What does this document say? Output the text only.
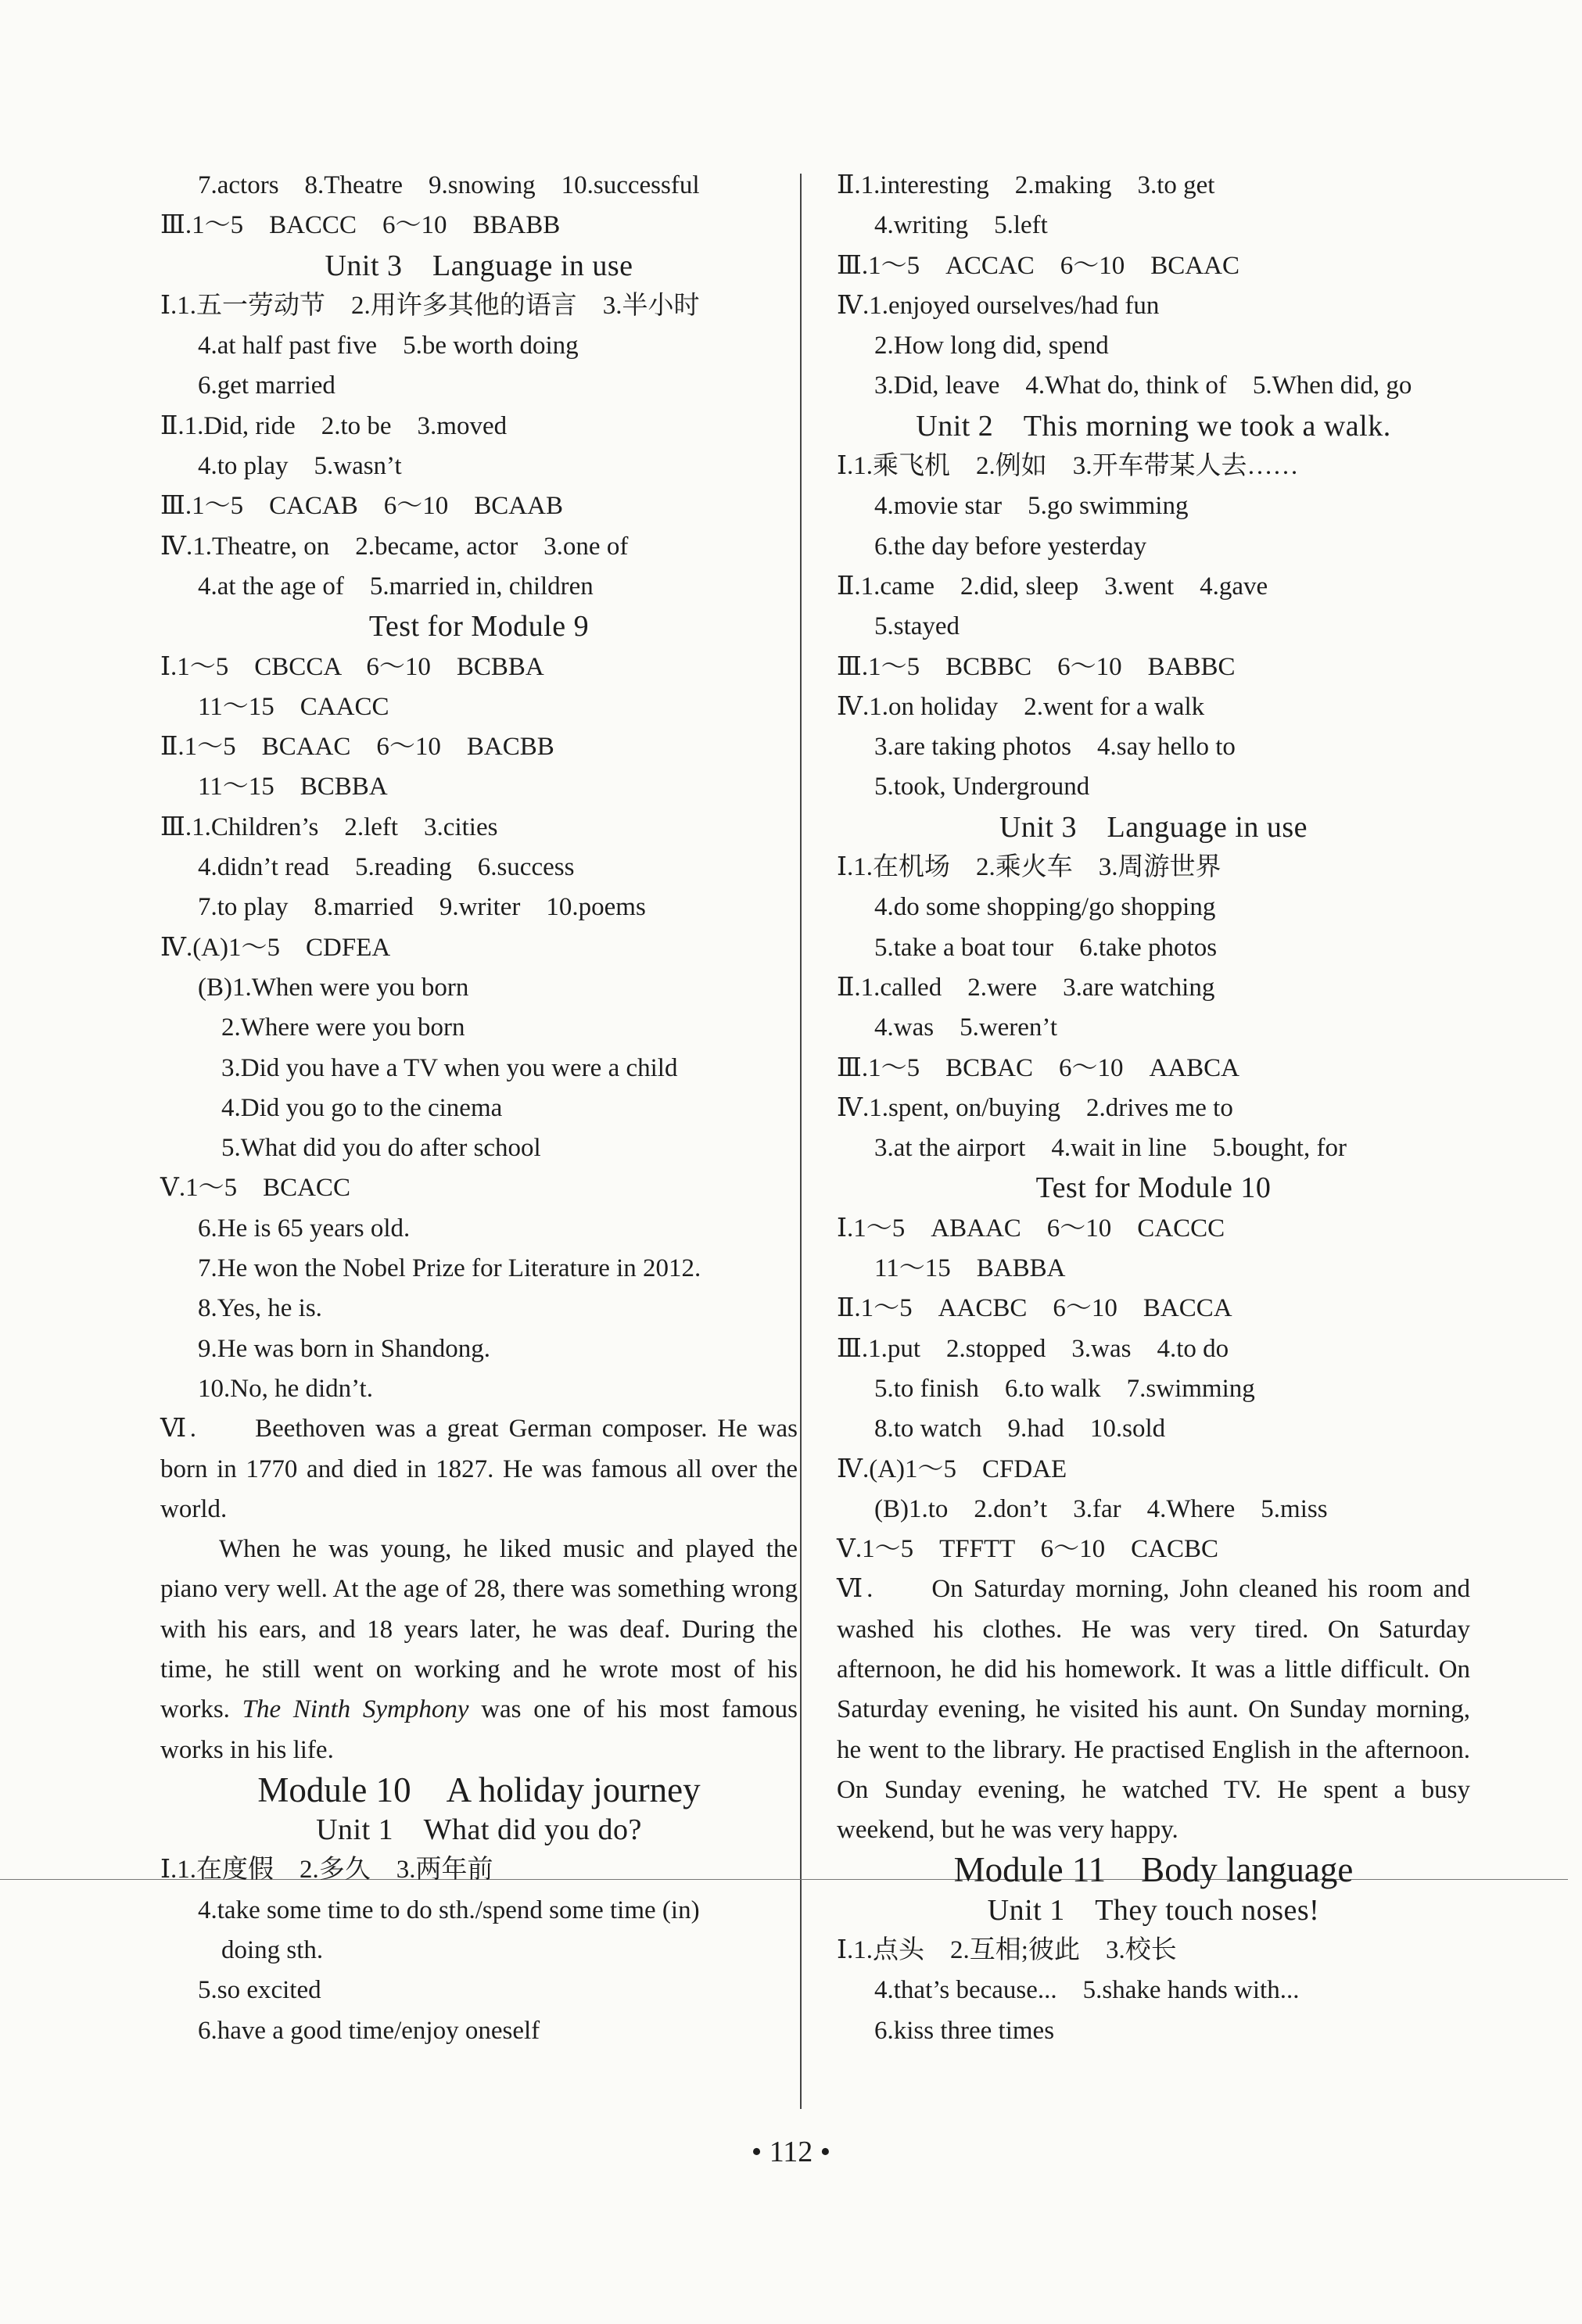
7.actors　8.Theatre　9.snowing　10.successful
Ⅲ.1～5　BACCC　6～10　BBABB
Unit 3　Language in use
Ⅰ.1.五一劳动节　2.用许多其他的语言　3.半小时
4.at half past five　5.be worth doing
6.get married
Ⅱ.1.Did, ride　2.to be　3.moved
4.to play　5.wasn’t
Ⅲ.1～5　CACAB　6～10　BCAAB
Ⅳ.1.Theatre, on　2.became, actor　3.one of
4.at the age of　5.married in, children
Test for Module 9
Ⅰ.1～5　CBCCA　6～10　BCBBA
11～15　CAACC
Ⅱ.1～5　BCAAC　6～10　BACBB
11～15　BCBBA
Ⅲ.1.Children’s　2.left　3.cities
4.didn’t read　5.reading　6.success
7.to play　8.married　9.writer　10.poems
Ⅳ.(A)1～5　CDFEA
(B)1.When were you born
2.Where were you born
3.Did you have a TV when you were a child
4.Did you go to the cinema
5.What did you do after school
Ⅴ.1～5　BCACC
6.He is 65 years old.
7.He won the Nobel Prize for Literature in 2012.
8.Yes, he is.
9.He was born in Shandong.
10.No, he didn’t.
Ⅵ. Beethoven was a great German composer. He was born in 1770 and died in 1827. He was famous all over the world.
When he was young, he liked music and played the piano very well. At the age of 28, there was something wrong with his ears, and 18 years later, he was deaf. During the time, he still went on working and he wrote most of his works. The Ninth Symphony was one of his most famous works in his life.
Module 10　A holiday journey
Unit 1　What did you do?
Ⅰ.1.在度假　2.多久　3.两年前
4.take some time to do sth./spend some time (in)
doing sth.
5.so excited
6.have a good time/enjoy oneself
Ⅱ.1.interesting　2.making　3.to get
4.writing　5.left
Ⅲ.1～5　ACCAC　6～10　BCAAC
Ⅳ.1.enjoyed ourselves/had fun
2.How long did, spend
3.Did, leave　4.What do, think of　5.When did, go
Unit 2　This morning we took a walk.
Ⅰ.1.乘飞机　2.例如　3.开车带某人去……
4.movie star　5.go swimming
6.the day before yesterday
Ⅱ.1.came　2.did, sleep　3.went　4.gave
5.stayed
Ⅲ.1～5　BCBBC　6～10　BABBC
Ⅳ.1.on holiday　2.went for a walk
3.are taking photos　4.say hello to
5.took, Underground
Unit 3　Language in use
Ⅰ.1.在机场　2.乘火车　3.周游世界
4.do some shopping/go shopping
5.take a boat tour　6.take photos
Ⅱ.1.called　2.were　3.are watching
4.was　5.weren’t
Ⅲ.1～5　BCBAC　6～10　AABCA
Ⅳ.1.spent, on/buying　2.drives me to
3.at the airport　4.wait in line　5.bought, for
Test for Module 10
Ⅰ.1～5　ABAAC　6～10　CACCC
11～15　BABBA
Ⅱ.1～5　AACBC　6～10　BACCA
Ⅲ.1.put　2.stopped　3.was　4.to do
5.to finish　6.to walk　7.swimming
8.to watch　9.had　10.sold
Ⅳ.(A)1～5　CFDAE
(B)1.to　2.don’t　3.far　4.Where　5.miss
Ⅴ.1～5　TFFTT　6～10　CACBC
Ⅵ. On Saturday morning, John cleaned his room and washed his clothes. He was very tired. On Saturday afternoon, he did his homework. It was a little difficult. On Saturday evening, he visited his aunt. On Sunday morning, he went to the library. He practised English in the afternoon. On Sunday evening, he watched TV. He spent a busy weekend, but he was very happy.
Module 11　Body language
Unit 1　They touch noses!
Ⅰ.1.点头　2.互相;彼此　3.校长
4.that’s because...　5.shake hands with...
6.kiss three times
• 112 •
